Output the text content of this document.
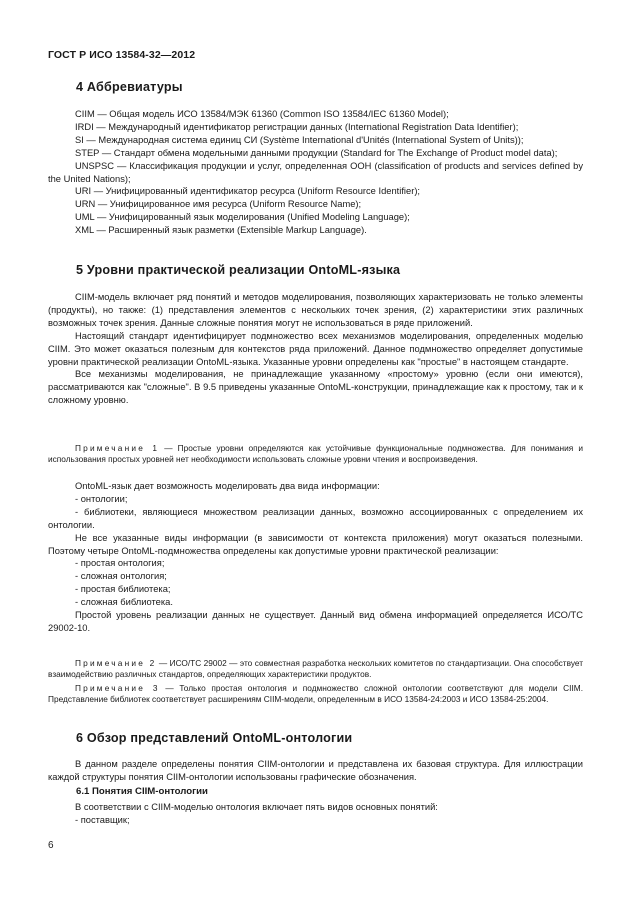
ГОСТ Р ИСО 13584-32—2012
4 Аббревиатуры

CIIM — Общая модель ИСО 13584/МЭК 61360 (Common ISO 13584/IEC 61360 Model);

IRDI — Международный идентификатор регистрации данных (International Registration Data Identifier);

SI — Международная система единиц СИ (Système International d'Unités (International System of Units));

STEP — Стандарт обмена модельными данными продукции (Standard for The Exchange of Product model data);

UNSPSC — Классификация продукции и услуг, определенная ООН (classification of products and services defined by the United Nations);

URI — Унифицированный идентификатор ресурса (Uniform Resource Identifier);

URN — Унифицированное имя ресурса (Uniform Resource Name);

UML — Унифицированный язык моделирования (Unified Modeling Language);

XML — Расширенный язык разметки (Extensible Markup Language).

5 Уровни практической реализации OntoML-языка

CIIM-модель включает ряд понятий и методов моделирования, позволяющих характеризовать не только элементы (продукты), но также: (1) представления элементов с нескольких точек зрения, (2) характеристики этих различных возможных точек зрения. Данные сложные понятия могут не использоваться в ряде приложений.

Настоящий стандарт идентифицирует подмножество всех механизмов моделирования, определенных моделью CIIM. Это может оказаться полезным для контекстов ряда приложений. Данное подмножество определяет допустимые уровни практической реализации OntoML-языка. Указанные уровни определены как "простые" в настоящем стандарте.

Все механизмы моделирования, не принадлежащие указанному «простому» уровню (если они имеются), рассматриваются как "сложные". В 9.5 приведены указанные OntoML-конструкции, принадлежащие как к простому, так и к сложному уровню.

Примечание 1 — Простые уровни определяются как устойчивые функциональные подмножества. Для понимания и использования простых уровней нет необходимости использовать сложные уровни чтения и воспроизведения.

OntoML-язык дает возможность моделировать два вида информации:

- онтологии;

- библиотеки, являющиеся множеством реализации данных, возможно ассоциированных с определением их онтологии.

Не все указанные виды информации (в зависимости от контекста приложения) могут оказаться полезными. Поэтому четыре OntoML-подмножества определены как допустимые уровни практической реализации:

- простая онтология;

- сложная онтология;

- простая библиотека;

- сложная библиотека.

Простой уровень реализации данных не существует. Данный вид обмена информацией определяется ИСО/ТС 29002-10.

Примечание 2 — ИСО/ТС 29002 — это совместная разработка нескольких комитетов по стандартизации. Она способствует взаимодействию различных стандартов, определяющих характеристики продуктов.

Примечание 3 — Только простая онтология и подмножество сложной онтологии соответствуют для модели CIIM. Представление библиотек соответствует расширениям CIIM-модели, определенным в ИСО 13584-24:2003 и ИСО 13584-25:2004.

6 Обзор представлений OntoML-онтологии

В данном разделе определены понятия CIIM-онтологии и представлена их базовая структура. Для иллюстрации каждой структуры понятия CIIM-онтологии использованы графические обозначения.

6.1 Понятия CIIM-онтологии

В соответствии с CIIM-моделью онтология включает пять видов основных понятий:

- поставщик;

6
